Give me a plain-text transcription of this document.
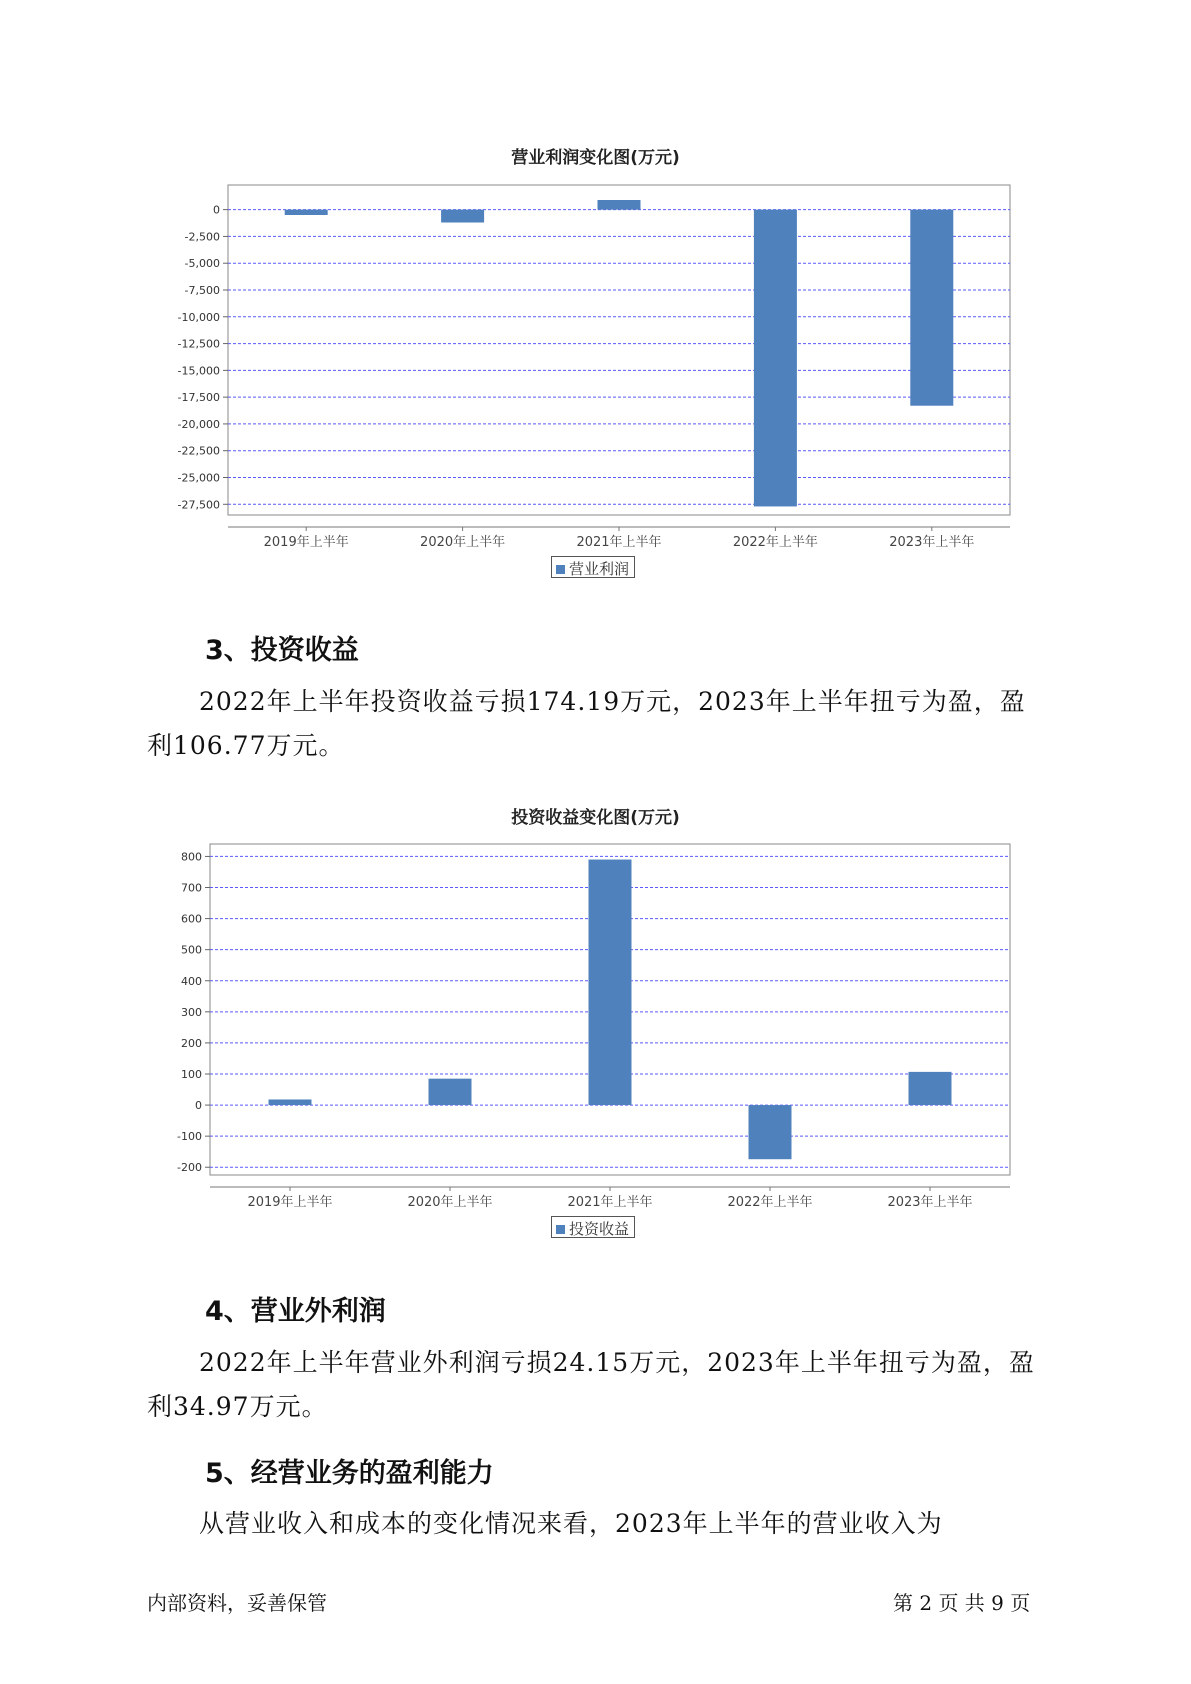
营业利润变化图(万元)
0
-2,500
-5,000
-7,500
-10,000
-12,500
-15,000
-17,500
-20,000
-22,500
-25,000
-27,500
2019年上半年	2020年上半年	2021年上半年	2022年上半年	2023年上半年
营业利润
3、投资收益
2022年上半年投资收益亏损174.19万元，2023年上半年扭亏为盈，盈
利106.77万元。
投资收益变化图(万元)
800
700
600
500
400
300
200
100
0
-100
-200
2019年上半年	2020年上半年	2021年上半年	2022年上半年	2023年上半年
投资收益
4、营业外利润
2022年上半年营业外利润亏损24.15万元，2023年上半年扭亏为盈，盈
利34.97万元。
5、经营业务的盈利能力
从营业收入和成本的变化情况来看，2023年上半年的营业收入为
内部资料，妥善保管	第 2 页 共 9 页
